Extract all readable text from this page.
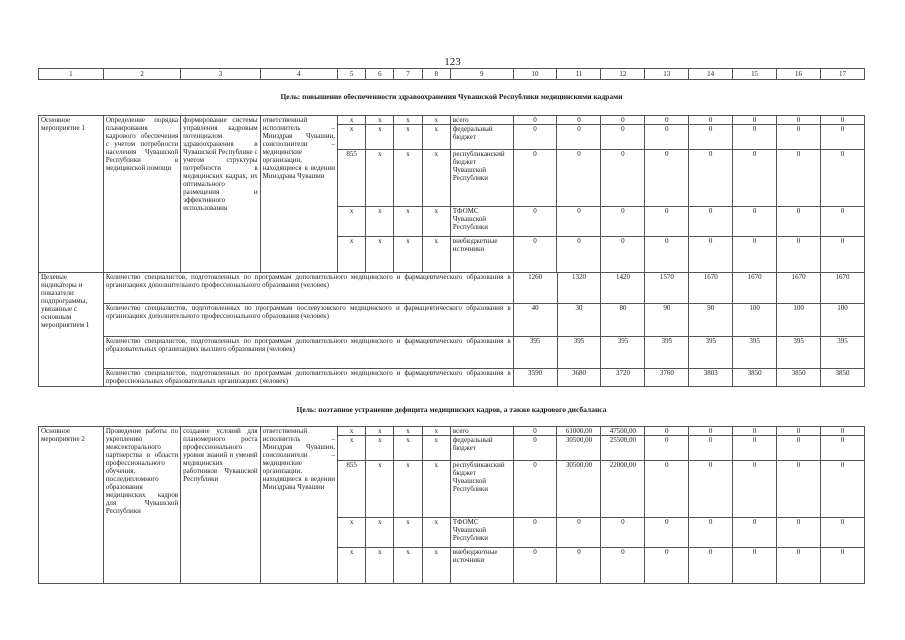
123
1	2	3	4	5	6	7	8	9	10	11	12	13	14	15	16	17
Цель: повышение обеспеченности здравоохранения Чувашской Республики медицинскими кадрами
Основное мероприятие 1	Определение порядка планирования кадрового обеспечения с учетом потребности населения Чувашской Республики в медицинской помощи	формирование системы управления кадровым потенциалом здравоохранения в Чувашской Республике с учетом структуры потребности в медицинских кадрах, их оптимального размещения и эффективного использования	ответственный исполнитель – Минздрав Чувашии, соисполнители – медицинские организации, находящиеся в ведении Минздрава Чувашии	x	x	x	x	всего	0	0	0	0	0	0	0	0
				x	x	x	x	федеральный бюджет	0	0	0	0	0	0	0	0
				855	x	x	x	республиканский бюджет Чувашской Республики	0	0	0	0	0	0	0	0
				x	x	x	x	ТФОМС Чувашской Республики	0	0	0	0	0	0	0	0
				x	x	x	x	внебюджетные источники	0	0	0	0	0	0	0	0
Целевые индикаторы и показатели подпрограммы, увязанные с основным мероприятием 1	Количество специалистов, подготовленных по программам дополнительного медицинского и фармацевтического образования в организациях дополнительного профессионального образования (человек)	1260	1320	1420	1570	1670	1670	1670	1670
	Количество специалистов, подготовленных по программам послевузовского медицинского и фармацевтического образования в организациях дополнительного профессионального образования (человек)	40	30	80	90	90	100	100	100
	Количество специалистов, подготовленных по программам дополнительного медицинского и фармацевтического образования в образовательных организациях высшего образования (человек)	395	395	395	395	395	395	395	395
	Количество специалистов, подготовленных по программам дополнительного медицинского и фармацевтического образования в профессиональных образовательных организациях (человек)	3590	3680	3720	3760	3803	3850	3850	3850
Цель: поэтапное устранение дефицита медицинских кадров, а также кадрового дисбаланса
Основное мероприятие 2	Проведение работы по укреплению межсекторального партнерства в области профессионального обучения, последипломного образования медицинских кадров для Чувашской Республики	создание условий для планомерного роста профессионального уровня знаний и умений медицинских работников Чувашской Республики	ответственный исполнитель – Минздрав Чувашии, соисполнители – медицинские организации, находящиеся в ведении Минздрава Чувашии	x	x	x	x	всего	0	61000,00	47500,00	0	0	0	0	0
				x	x	x	x	федеральный бюджет	0	30500,00	25500,00	0	0	0	0	0
				855	x	x	x	республиканский бюджет Чувашской Республики	0	30500,00	22000,00	0	0	0	0	0
				x	x	x	x	ТФОМС Чувашской Республики	0	0	0	0	0	0	0	0
				x	x	x	x	внебюджетные источники	0	0	0	0	0	0	0	0
